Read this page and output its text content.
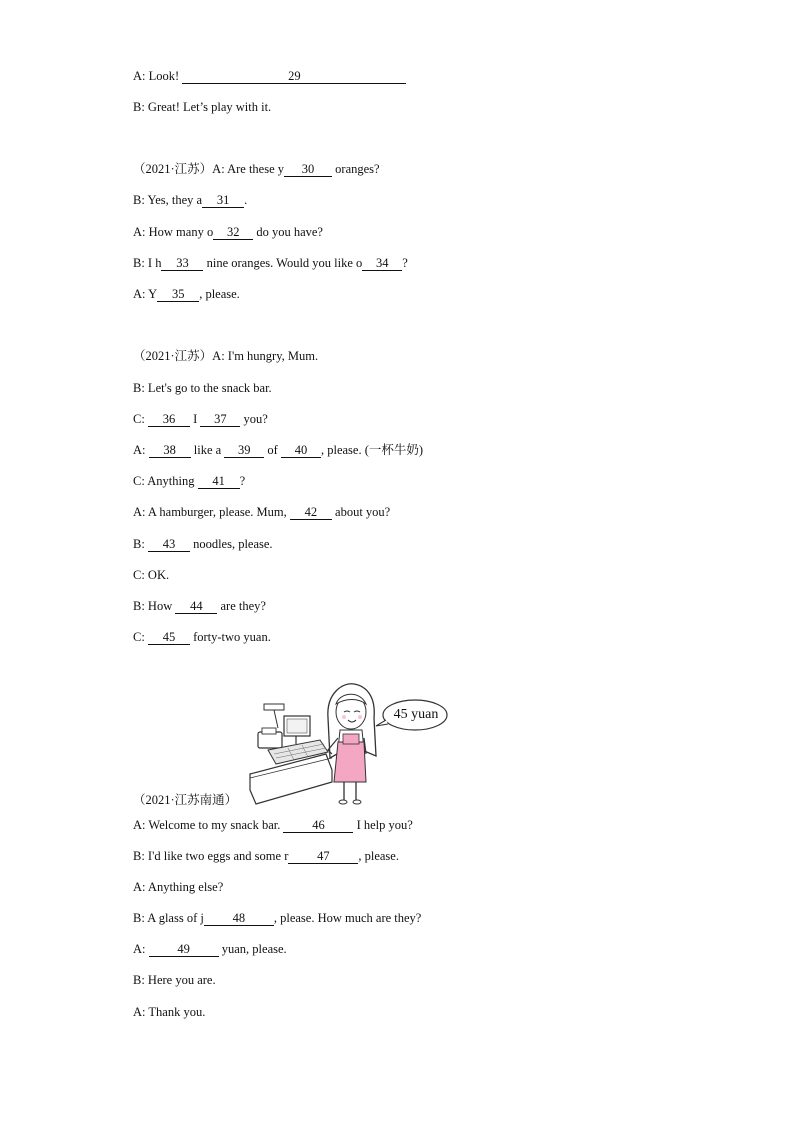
A: Look!	29
B: Great! Let’s play with it.
（2021·江苏）A: Are these y 30 oranges?
B: Yes, they a 31 .
A: How many o 32 do you have?
B: I h 33 nine oranges. Would you like o 34 ?
A: Y 35 , please.
（2021·江苏）A: I'm hungry, Mum.
B: Let's go to the snack bar.
C: 36 I 37 you?
A: 38 like a 39 of 40 , please. (一杯牛奶)
C: Anything 41 ?
A: A hamburger, please. Mum, 42 about you?
B: 43 noodles, please.
C: OK.
B: How 44 are they?
C: 45 forty-two yuan.
45 yuan
（2021·江苏南通）
A: Welcome to my snack bar. 46 I help you?
B: I'd like two eggs and some r 47 , please.
A: Anything else?
B: A glass of j 48 , please. How much are they?
A: 49 yuan, please.
B: Here you are.
A: Thank you.
